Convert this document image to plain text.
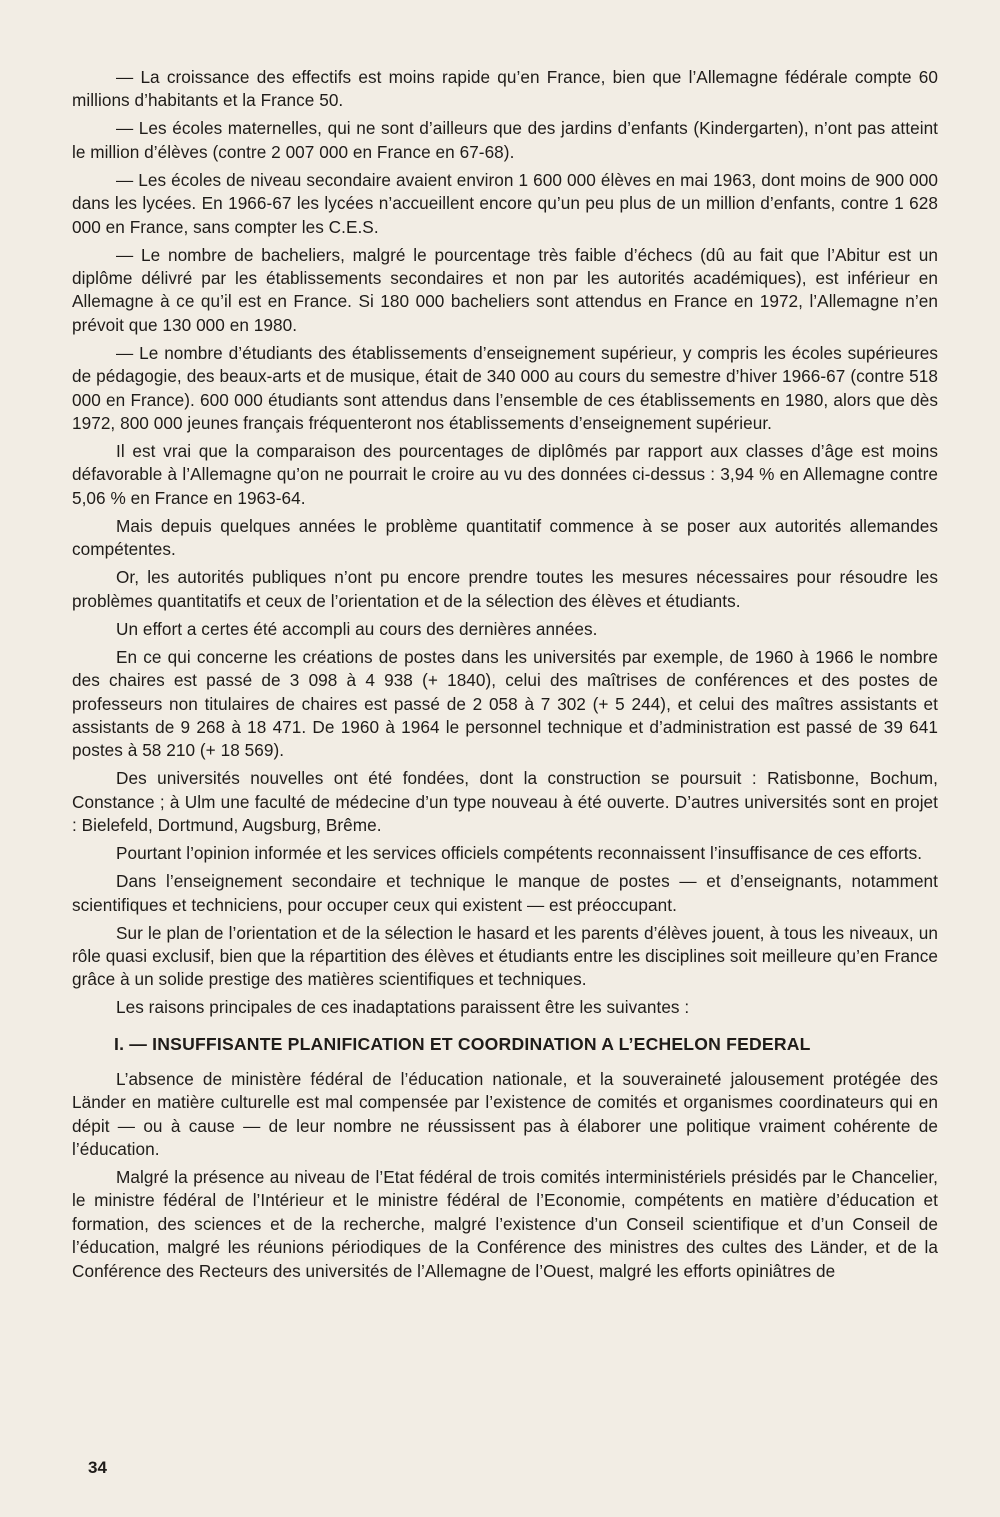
— La croissance des effectifs est moins rapide qu’en France, bien que l’Allemagne fédérale compte 60 millions d’habitants et la France 50.

— Les écoles maternelles, qui ne sont d’ailleurs que des jardins d’enfants (Kindergarten), n’ont pas atteint le million d’élèves (contre 2 007 000 en France en 67-68).

— Les écoles de niveau secondaire avaient environ 1 600 000 élèves en mai 1963, dont moins de 900 000 dans les lycées. En 1966-67 les lycées n’accueillent encore qu’un peu plus de un million d’enfants, contre 1 628 000 en France, sans compter les C.E.S.

— Le nombre de bacheliers, malgré le pourcentage très faible d’échecs (dû au fait que l’Abitur est un diplôme délivré par les établissements secondaires et non par les autorités académiques), est inférieur en Allemagne à ce qu’il est en France. Si 180 000 bacheliers sont attendus en France en 1972, l’Allemagne n’en prévoit que 130 000 en 1980.

— Le nombre d’étudiants des établissements d’enseignement supérieur, y compris les écoles supérieures de pédagogie, des beaux-arts et de musique, était de 340 000 au cours du semestre d’hiver 1966-67 (contre 518 000 en France). 600 000 étudiants sont attendus dans l’ensemble de ces établissements en 1980, alors que dès 1972, 800 000 jeunes français fréquenteront nos établissements d’enseignement supérieur.

Il est vrai que la comparaison des pourcentages de diplômés par rapport aux classes d’âge est moins défavorable à l’Allemagne qu’on ne pourrait le croire au vu des données ci-dessus : 3,94 % en Allemagne contre 5,06 % en France en 1963-64.

Mais depuis quelques années le problème quantitatif commence à se poser aux autorités allemandes compétentes.

Or, les autorités publiques n’ont pu encore prendre toutes les mesures nécessaires pour résoudre les problèmes quantitatifs et ceux de l’orientation et de la sélection des élèves et étudiants.

Un effort a certes été accompli au cours des dernières années.

En ce qui concerne les créations de postes dans les universités par exemple, de 1960 à 1966 le nombre des chaires est passé de 3 098 à 4 938 (+ 1840), celui des maîtrises de conférences et des postes de professeurs non titulaires de chaires est passé de 2 058 à 7 302 (+ 5 244), et celui des maîtres assistants et assistants de 9 268 à 18 471. De 1960 à 1964 le personnel technique et d’administration est passé de 39 641 postes à 58 210 (+ 18 569).

Des universités nouvelles ont été fondées, dont la construction se poursuit : Ratisbonne, Bochum, Constance ; à Ulm une faculté de médecine d’un type nouveau à été ouverte. D’autres universités sont en projet : Bielefeld, Dortmund, Augsburg, Brême.

Pourtant l’opinion informée et les services officiels compétents reconnaissent l’insuffisance de ces efforts.

Dans l’enseignement secondaire et technique le manque de postes — et d’enseignants, notamment scientifiques et techniciens, pour occuper ceux qui existent — est préoccupant.

Sur le plan de l’orientation et de la sélection le hasard et les parents d’élèves jouent, à tous les niveaux, un rôle quasi exclusif, bien que la répartition des élèves et étudiants entre les disciplines soit meilleure qu’en France grâce à un solide prestige des matières scientifiques et techniques.

Les raisons principales de ces inadaptations paraissent être les suivantes :

I. — INSUFFISANTE PLANIFICATION ET COORDINATION A L’ECHELON FEDERAL

L’absence de ministère fédéral de l’éducation nationale, et la souveraineté jalousement protégée des Länder en matière culturelle est mal compensée par l’existence de comités et organismes coordinateurs qui en dépit — ou à cause — de leur nombre ne réussissent pas à élaborer une politique vraiment cohérente de l’éducation.

Malgré la présence au niveau de l’Etat fédéral de trois comités interministériels présidés par le Chancelier, le ministre fédéral de l’Intérieur et le ministre fédéral de l’Economie, compétents en matière d’éducation et formation, des sciences et de la recherche, malgré l’existence d’un Conseil scientifique et d’un Conseil de l’éducation, malgré les réunions périodiques de la Conférence des ministres des cultes des Länder, et de la Conférence des Recteurs des universités de l’Allemagne de l’Ouest, malgré les efforts opiniâtres de

34
